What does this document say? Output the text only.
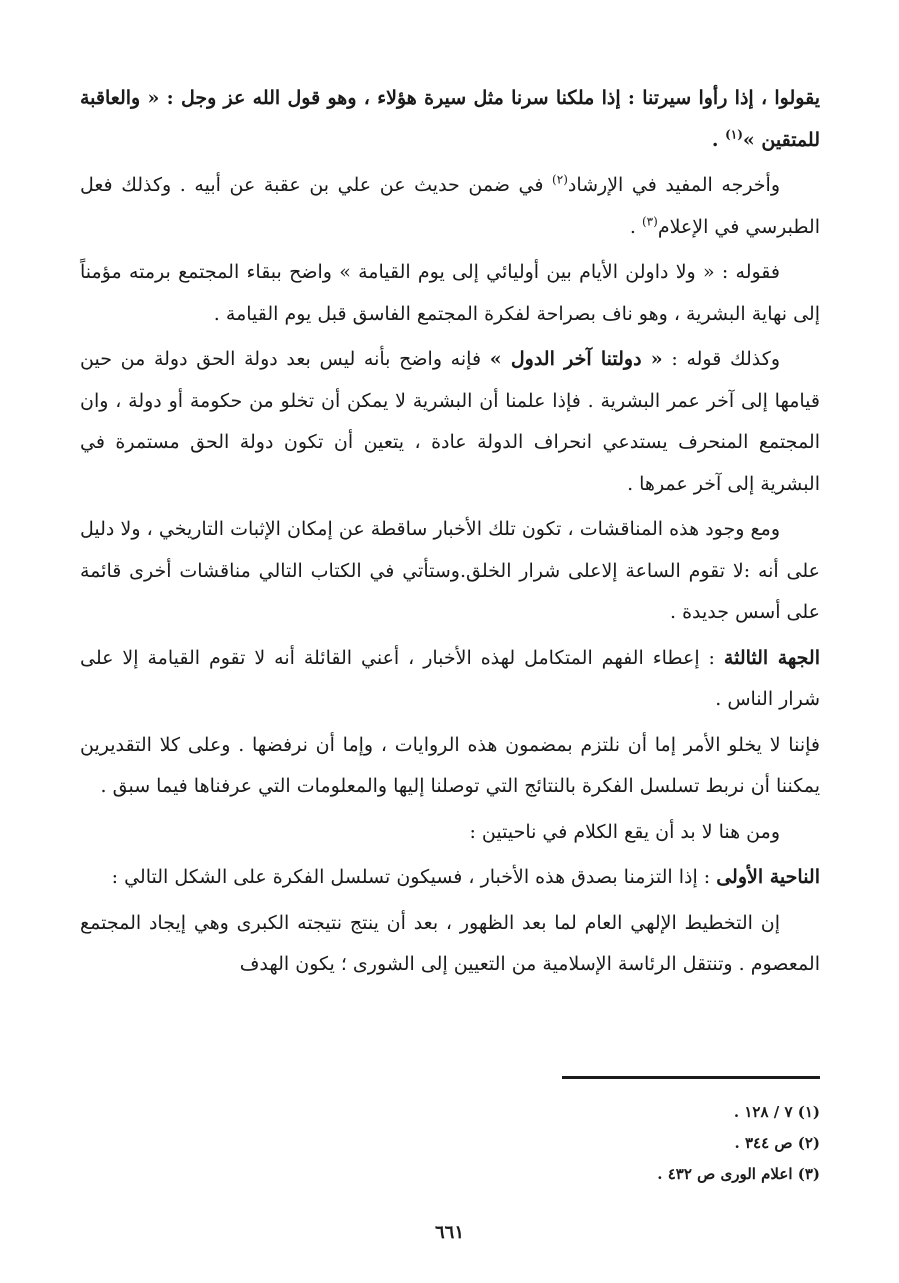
يقولوا ، إذا رأوا سيرتنا : إذا ملكنا سرنا مثل سيرة هؤلاء ، وهو قول الله عز وجل : « والعاقبة للمتقين »$^{(١)}$ .

وأخرجه المفيد في الإرشاد$^{(٢)}$ في ضمن حديث عن علي بن عقبة عن أبيه . وكذلك فعل الطبرسي في الإعلام$^{(٣)}$ .

فقوله : « ولا داولن الأيام بين أوليائي إلى يوم القيامة » واضح ببقاء المجتمع برمته مؤمناً إلى نهاية البشرية ، وهو ناف بصراحة لفكرة المجتمع الفاسق قبل يوم القيامة .

وكذلك قوله : « دولتنا آخر الدول » فإنه واضح بأنه ليس بعد دولة الحق دولة من حين قيامها إلى آخر عمر البشرية . فإذا علمنا أن البشرية لا يمكن أن تخلو من حكومة أو دولة ، وان المجتمع المنحرف يستدعي انحراف الدولة عادة ، يتعين أن تكون دولة الحق مستمرة في البشرية إلى آخر عمرها .

ومع وجود هذه المناقشات ، تكون تلك الأخبار ساقطة عن إمكان الإثبات التاريخي ، ولا دليل على أنه :لا تقوم الساعة إلاعلى شرار الخلق.وستأتي في الكتاب التالي مناقشات أخرى قائمة على أسس جديدة .

الجهة الثالثة : إعطاء الفهم المتكامل لهذه الأخبار ، أعني القائلة أنه لا تقوم القيامة إلا على شرار الناس .

فإننا لا يخلو الأمر إما أن نلتزم بمضمون هذه الروايات ، وإما أن نرفضها . وعلى كلا التقديرين يمكننا أن نربط تسلسل الفكرة بالنتائج التي توصلنا إليها والمعلومات التي عرفناها فيما سبق .

ومن هنا لا بد أن يقع الكلام في ناحيتين :

الناحية الأولى : إذا التزمنا بصدق هذه الأخبار ، فسيكون تسلسل الفكرة على الشكل التالي :

إن التخطيط الإلهي العام لما بعد الظهور ، بعد أن ينتج نتيجته الكبرى وهي إيجاد المجتمع المعصوم . وتنتقل الرئاسة الإسلامية من التعيين إلى الشورى ؛ يكون الهدف

(١) ٧ / ١٢٨ .

(٢) ص ٣٤٤ .

(٣) اعلام الورى ص ٤٣٢ .

٦٦١
